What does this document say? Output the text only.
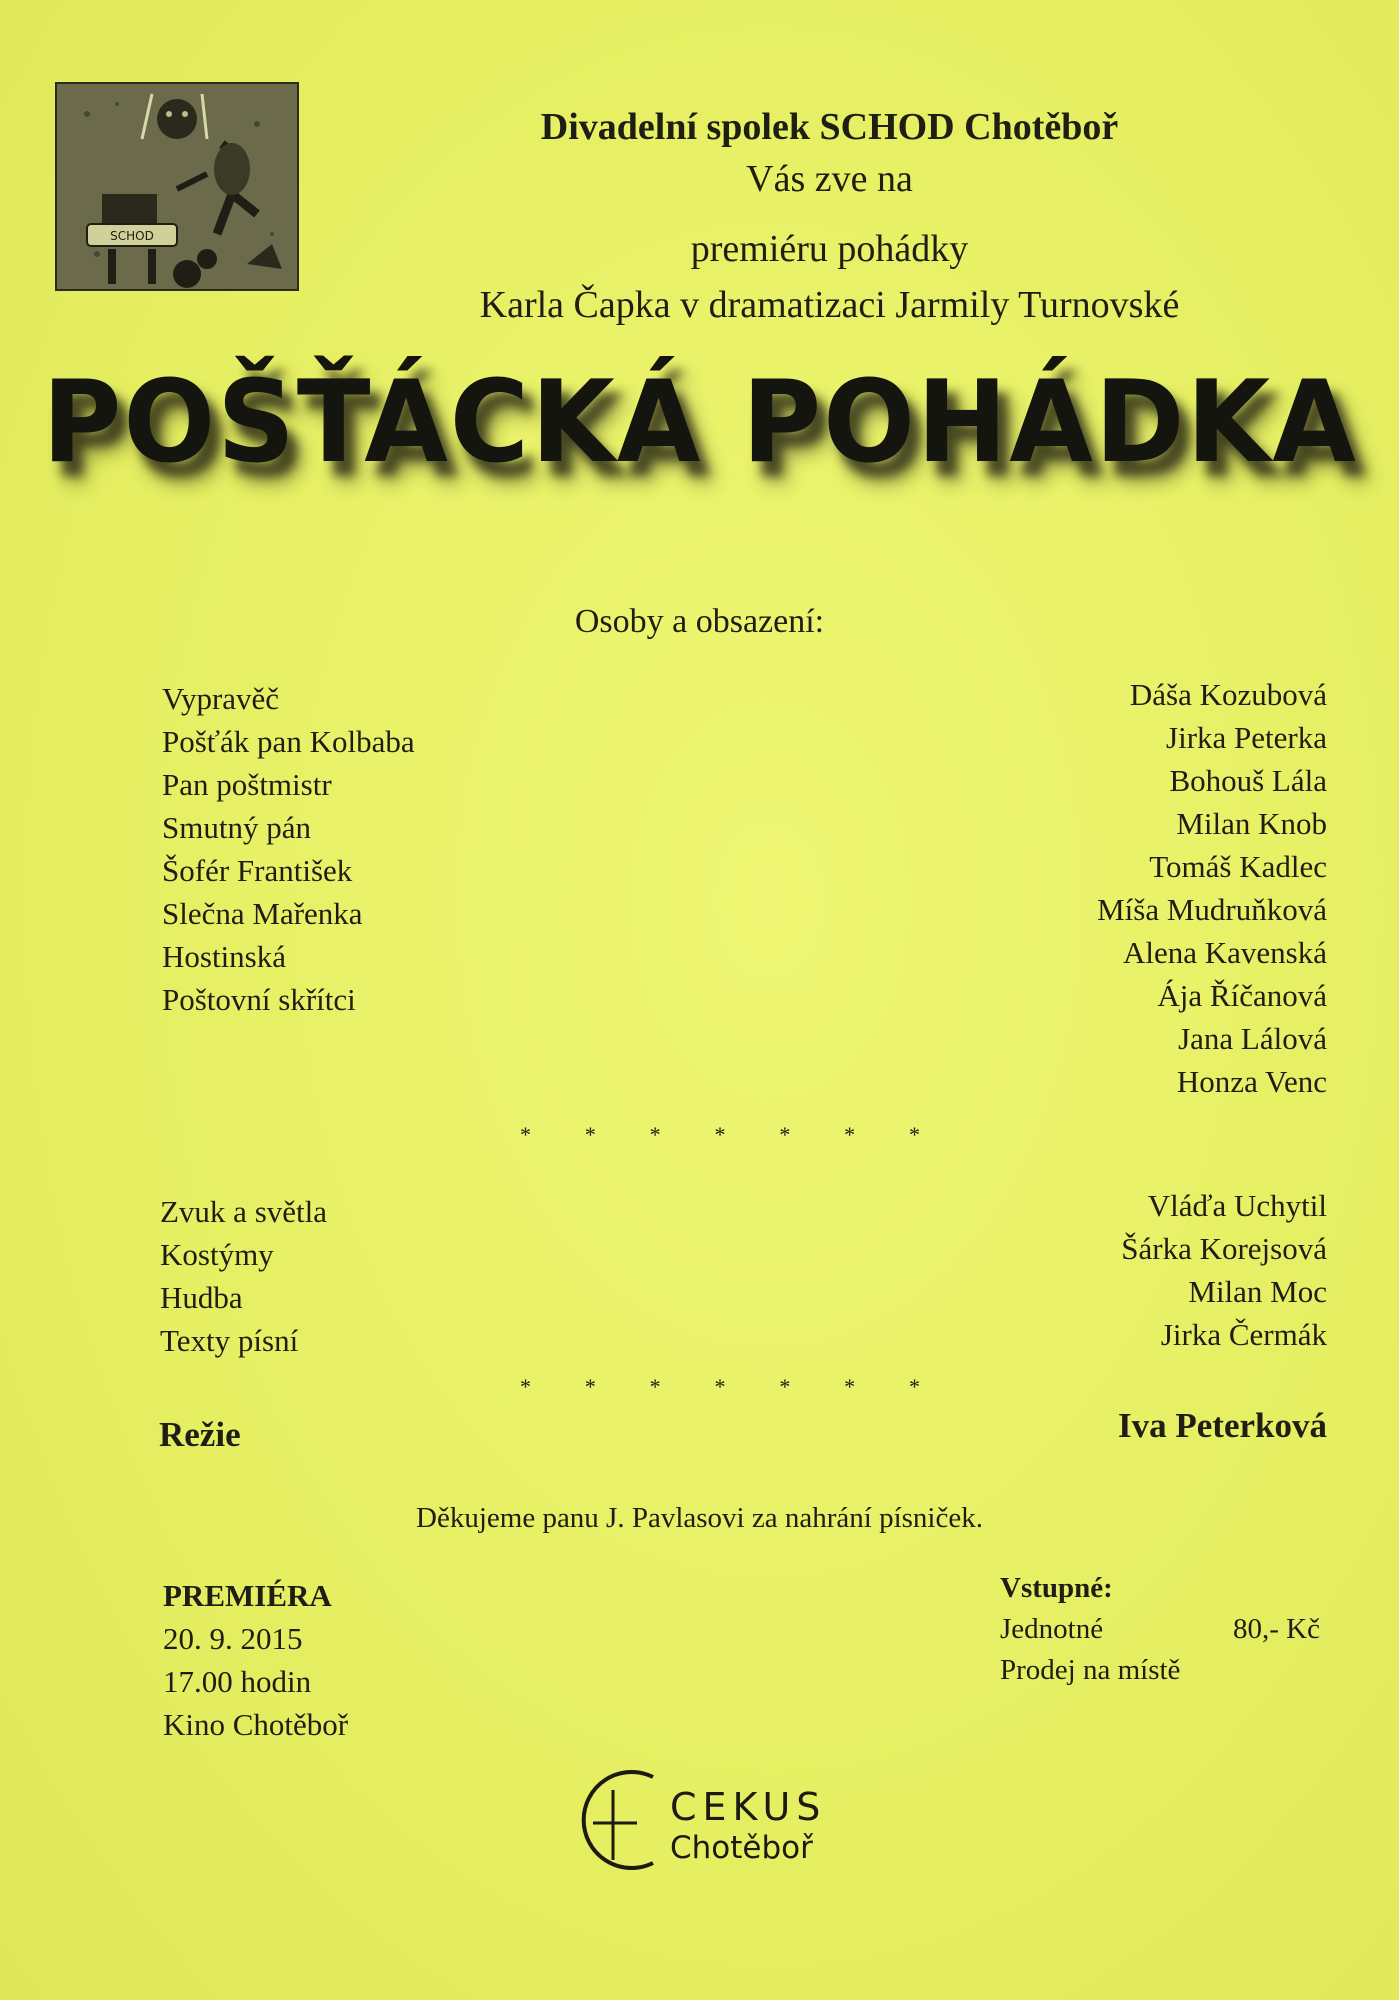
SCHOD
Divadelní spolek SCHOD Chotěboř
Vás zve na
premiéru pohádky
Karla Čapka v dramatizaci Jarmily Turnovské
POŠŤÁCKÁ POHÁDKA
Osoby a obsazení:
Vypravěč
Pošťák pan Kolbaba
Pan poštmistr
Smutný pán
Šofér František
Slečna Mařenka
Hostinská
Poštovní skřítci
Dáša Kozubová
Jirka Peterka
Bohouš Lála
Milan Knob
Tomáš Kadlec
Míša Mudruňková
Alena Kavenská
Ája Říčanová
Jana Lálová
Honza Venc
* * * * * * *
Zvuk a světla
Kostýmy
Hudba
Texty písní
Vláďa Uchytil
Šárka Korejsová
Milan Moc
Jirka Čermák
* * * * * * *
Režie	Iva Peterková
Děkujeme panu J. Pavlasovi za nahrání písniček.
PREMIÉRA
20. 9. 2015
17.00 hodin
Kino Chotěboř
Vstupné:
Jednotné	80,- Kč
Prodej na místě
CEKUS
Chotěboř
